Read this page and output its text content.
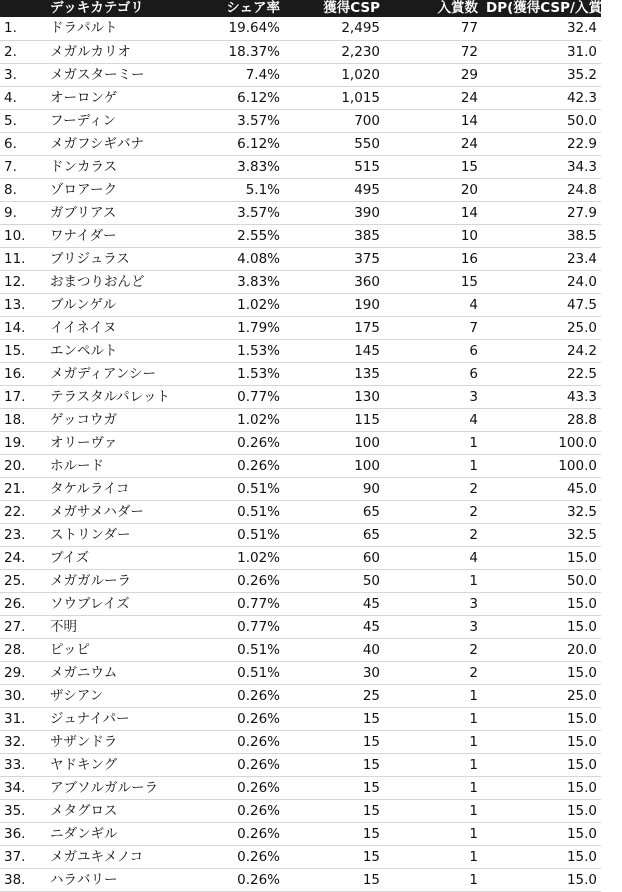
	デッキカテゴリ	シェア率	獲得CSP	入賞数	DP(獲得CSP/入賞数)
1.	ドラパルト	19.64%	2,495	77	32.4
2.	メガルカリオ	18.37%	2,230	72	31.0
3.	メガスターミー	7.4%	1,020	29	35.2
4.	オーロンゲ	6.12%	1,015	24	42.3
5.	フーディン	3.57%	700	14	50.0
6.	メガフシギバナ	6.12%	550	24	22.9
7.	ドンカラス	3.83%	515	15	34.3
8.	ゾロアーク	5.1%	495	20	24.8
9.	ガブリアス	3.57%	390	14	27.9
10.	ワナイダー	2.55%	385	10	38.5
11.	ブリジュラス	4.08%	375	16	23.4
12.	おまつりおんど	3.83%	360	15	24.0
13.	ブルンゲル	1.02%	190	4	47.5
14.	イイネイヌ	1.79%	175	7	25.0
15.	エンペルト	1.53%	145	6	24.2
16.	メガディアンシー	1.53%	135	6	22.5
17.	テラスタルパレット	0.77%	130	3	43.3
18.	ゲッコウガ	1.02%	115	4	28.8
19.	オリーヴァ	0.26%	100	1	100.0
20.	ホルード	0.26%	100	1	100.0
21.	タケルライコ	0.51%	90	2	45.0
22.	メガサメハダー	0.51%	65	2	32.5
23.	ストリンダー	0.51%	65	2	32.5
24.	ブイズ	1.02%	60	4	15.0
25.	メガガルーラ	0.26%	50	1	50.0
26.	ソウブレイズ	0.77%	45	3	15.0
27.	不明	0.77%	45	3	15.0
28.	ピッピ	0.51%	40	2	20.0
29.	メガニウム	0.51%	30	2	15.0
30.	ザシアン	0.26%	25	1	25.0
31.	ジュナイパー	0.26%	15	1	15.0
32.	サザンドラ	0.26%	15	1	15.0
33.	ヤドキング	0.26%	15	1	15.0
34.	アブソルガルーラ	0.26%	15	1	15.0
35.	メタグロス	0.26%	15	1	15.0
36.	ニダンギル	0.26%	15	1	15.0
37.	メガユキメノコ	0.26%	15	1	15.0
38.	ハラバリー	0.26%	15	1	15.0
